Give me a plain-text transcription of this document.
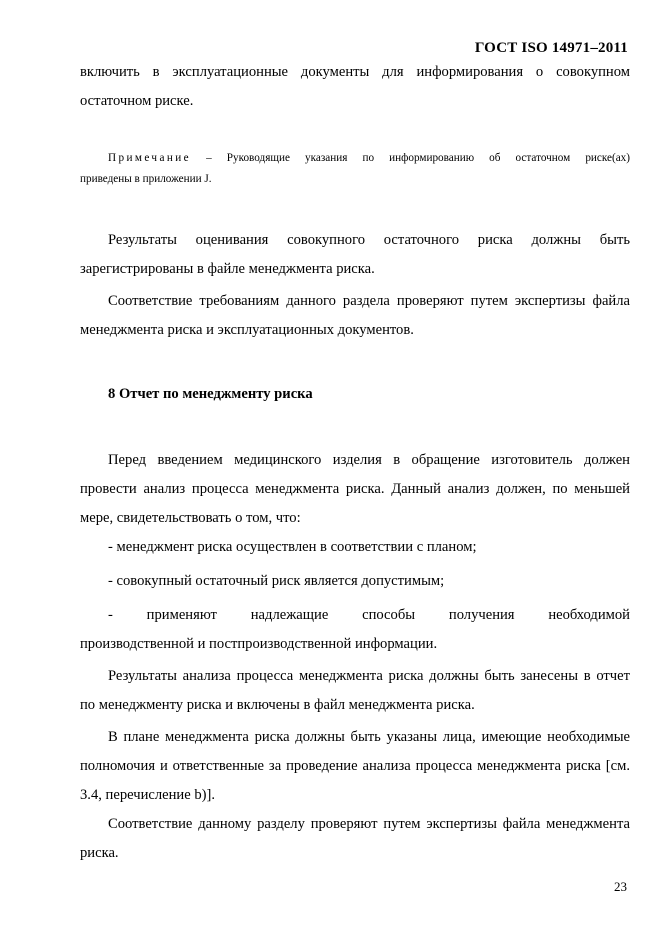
ГОСТ ISO 14971–2011

включить в эксплуатационные документы для информирования о совокупном

остаточном риске.

Примечание – Руководящие указания по информированию об остаточном риске(ах)

приведены в приложении J.

Результаты оценивания совокупного остаточного риска должны быть зарегистрированы в файле менеджмента риска.

Соответствие требованиям данного раздела проверяют путем экспертизы файла менеджмента риска и эксплуатационных документов.

8 Отчет по менеджменту риска

Перед введением медицинского изделия в обращение изготовитель должен провести анализ процесса менеджмента риска. Данный анализ должен, по меньшей мере, свидетельствовать о том, что:

- менеджмент риска осуществлен в соответствии с планом;

- совокупный остаточный риск является допустимым;

- применяют надлежащие способы получения необходимой

производственной и постпроизводственной информации.

Результаты анализа процесса менеджмента риска должны быть занесены в отчет по менеджменту риска и включены в файл менеджмента риска.

В плане менеджмента риска должны быть указаны лица, имеющие необходимые полномочия и ответственные за проведение анализа процесса менеджмента риска [см. 3.4, перечисление b)].

Соответствие данному разделу проверяют путем экспертизы файла менеджмента риска.

23
